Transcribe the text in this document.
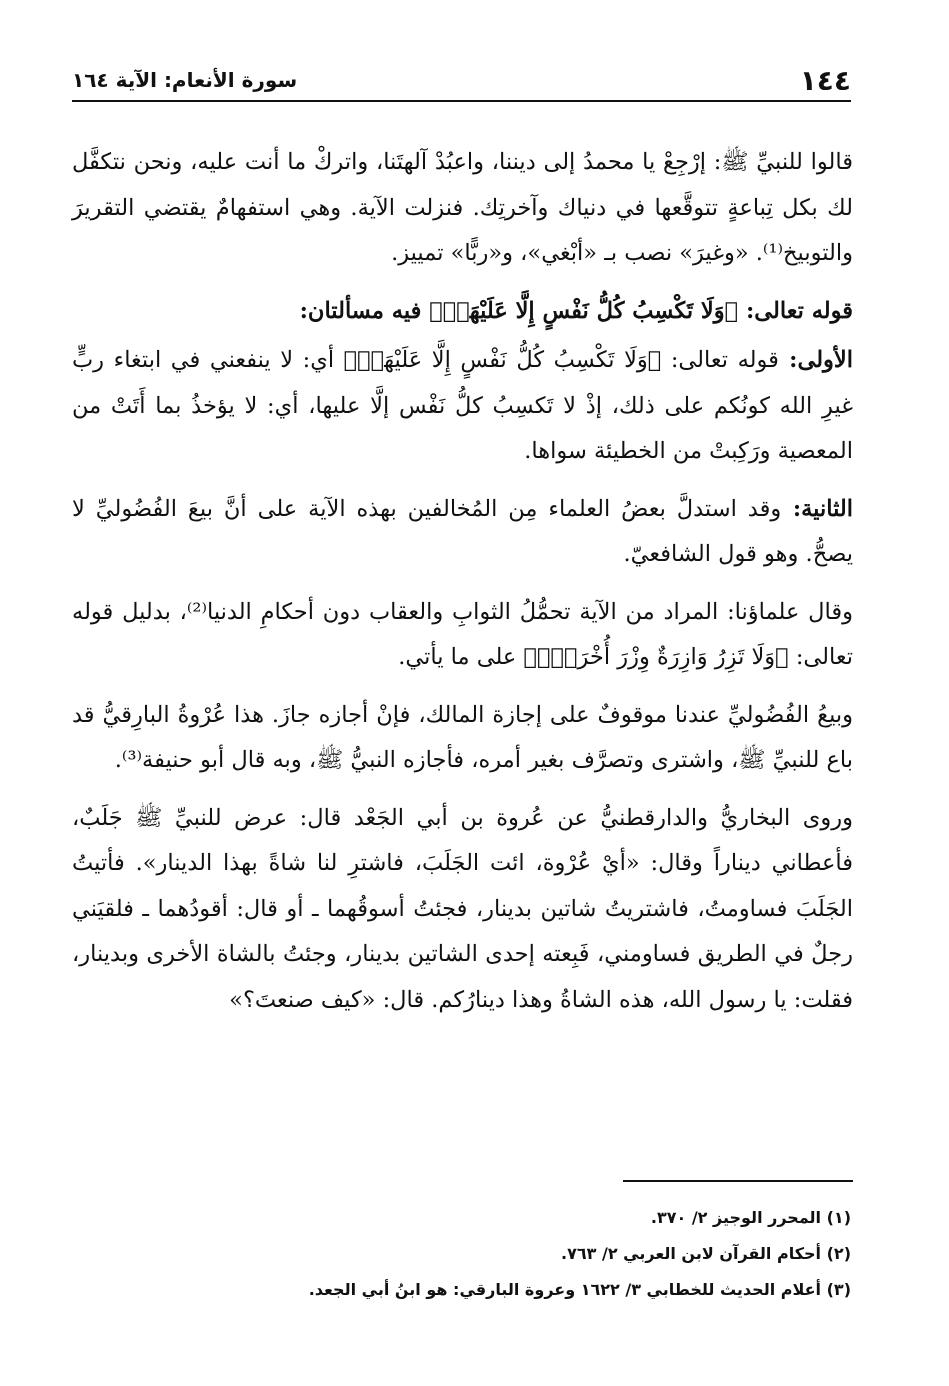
١٤٤
سورة الأنعام: الآية ١٦٤

قالوا للنبيِّ ﷺ: إرْجِعْ يا محمدُ إلى ديننا، واعبُدْ آلهتَنا، واتركْ ما أنت عليه، ونحن نتكفَّل لك بكل تِباعةٍ تتوقَّعها في دنياك وآخرتِك. فنزلت الآية. وهي استفهامٌ يقتضي التقريرَ والتوبيخ⁽¹⁾. «وغيرَ» نصب بـ «أبْغي»، و«ربًّا» تمييز.

قوله تعالى: ﴿وَلَا تَكْسِبُ كُلُّ نَفْسٍ إِلَّا عَلَيْهَاۚ﴾ فيه مسألتان:

الأولى: قوله تعالى: ﴿وَلَا تَكْسِبُ كُلُّ نَفْسٍ إِلَّا عَلَيْهَاۚ﴾ أي: لا ينفعني في ابتغاء ربٍّ غيرِ الله كونُكم على ذلك، إذْ لا تَكسِبُ كلُّ نَفْس إلَّا عليها، أي: لا يؤخذُ بما أَتَتْ من المعصية ورَكِبتْ من الخطيئة سواها.

الثانية: وقد استدلَّ بعضُ العلماء مِن المُخالفين بهذه الآية على أنَّ بيعَ الفُضُوليِّ لا يصحُّ. وهو قول الشافعيّ.

وقال علماؤنا: المراد من الآية تحمُّلُ الثوابِ والعقاب دون أحكامِ الدنيا⁽²⁾، بدليل قوله تعالى: ﴿وَلَا تَزِرُ وَازِرَةٌ وِزْرَ أُخْرَىٰۚ﴾ على ما يأتي.

وبيعُ الفُضُوليِّ عندنا موقوفٌ على إجازة المالك، فإنْ أجازه جازَ. هذا عُرْوةُ البارِقيُّ قد باع للنبيِّ ﷺ، واشترى وتصرَّف بغير أمره، فأجازه النبيُّ ﷺ، وبه قال أبو حنيفة⁽³⁾.

وروى البخاريُّ والدارقطنيُّ عن عُروة بن أبي الجَعْد قال: عرض للنبيِّ ﷺ جَلَبٌ، فأعطاني ديناراً وقال: «أيْ عُرْوة، ائت الجَلَبَ، فاشترِ لنا شاةً بهذا الدينار». فأتيتُ الجَلَبَ فساومتُ، فاشتريتُ شاتين بدينار، فجئتُ أسوقُهما ـ أو قال: أقودُهما ـ فلقيَني رجلٌ في الطريق فساومني، فَبِعته إحدى الشاتين بدينار، وجئتُ بالشاة الأخرى وبدينار، فقلت: يا رسول الله، هذه الشاةُ وهذا دينارُكم. قال: «كيف صنعتَ؟»

(١) المحرر الوجيز ٢/ ٣٧٠.
(٢) أحكام القرآن لابن العربي ٢/ ٧٦٣.
(٣) أعلام الحديث للخطابي ٣/ ١٦٢٢ وعروة البارقي: هو ابنُ أبي الجعد.
